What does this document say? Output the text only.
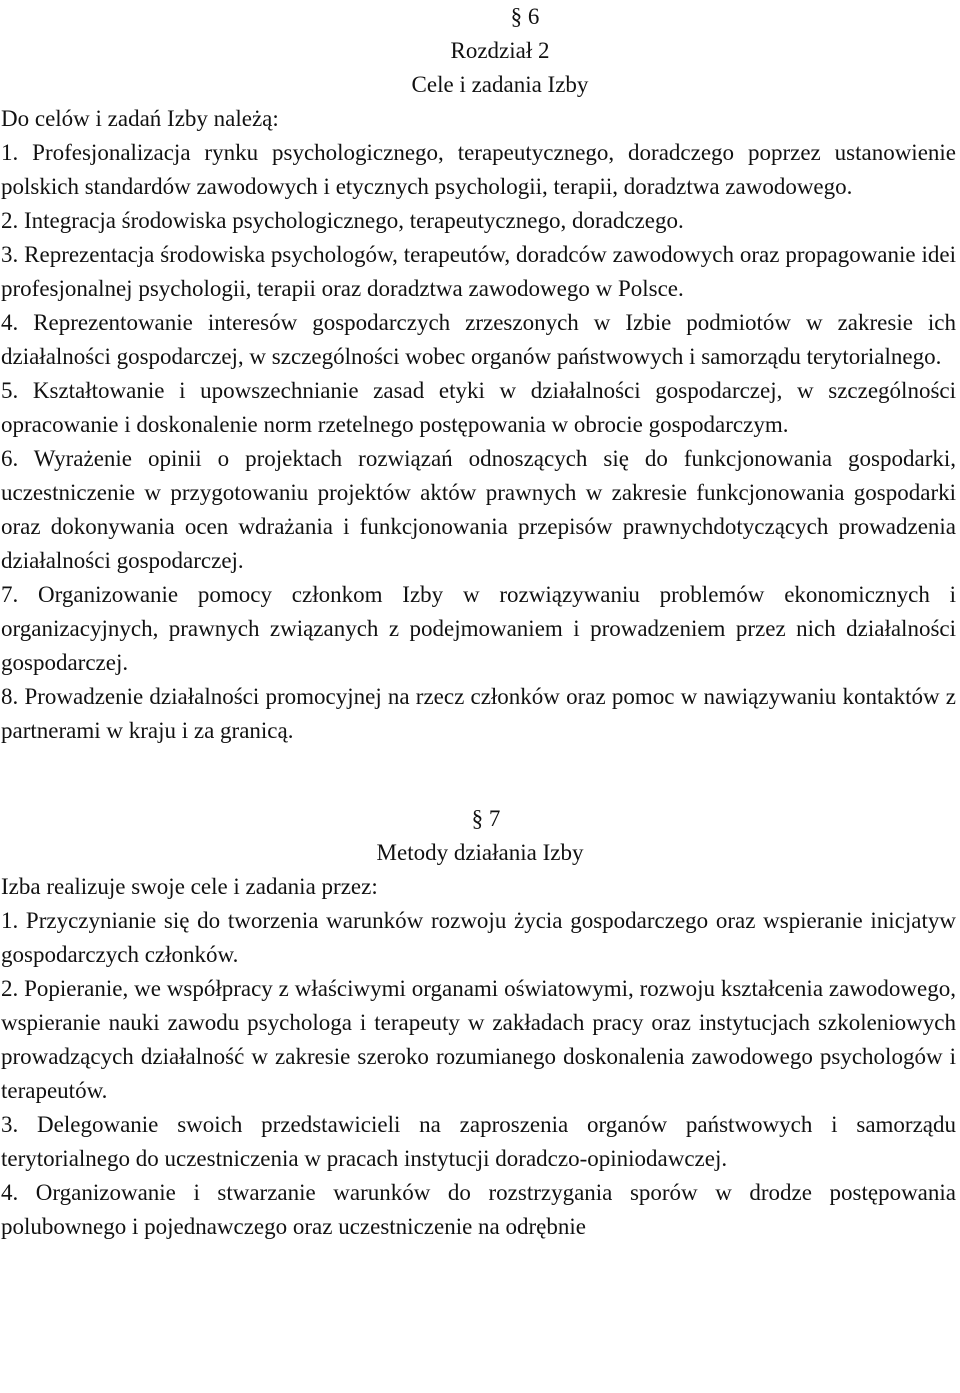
§ 6
Rozdział 2
Cele i zadania Izby
Do celów i zadań Izby należą:
1. Profesjonalizacja rynku psychologicznego, terapeutycznego, doradczego poprzez ustanowienie polskich standardów zawodowych i etycznych psychologii, terapii, doradztwa zawodowego.
2. Integracja środowiska psychologicznego, terapeutycznego, doradczego.
3. Reprezentacja środowiska psychologów, terapeutów, doradców zawodowych oraz propagowanie idei profesjonalnej psychologii, terapii oraz doradztwa zawodowego w Polsce.
4. Reprezentowanie interesów gospodarczych zrzeszonych w Izbie podmiotów w zakresie ich działalności gospodarczej, w szczególności wobec organów państwowych i samorządu terytorialnego.
5. Kształtowanie i upowszechnianie zasad etyki w działalności gospodarczej, w szczególności opracowanie i doskonalenie norm rzetelnego postępowania w obrocie gospodarczym.
6. Wyrażenie opinii o projektach rozwiązań odnoszących się do funkcjonowania gospodarki, uczestniczenie w przygotowaniu projektów aktów prawnych w zakresie funkcjonowania gospodarki oraz dokonywania ocen wdrażania i funkcjonowania przepisów prawnychdotyczących prowadzenia działalności gospodarczej.
7. Organizowanie pomocy członkom Izby w rozwiązywaniu problemów ekonomicznych i organizacyjnych, prawnych związanych z podejmowaniem i prowadzeniem przez nich działalności gospodarczej.
8. Prowadzenie działalności promocyjnej na rzecz członków oraz pomoc w nawiązywaniu kontaktów z partnerami w kraju i za granicą.
§ 7
Metody działania Izby
Izba realizuje swoje cele i zadania przez:
1. Przyczynianie się do tworzenia warunków rozwoju życia gospodarczego oraz wspieranie inicjatyw gospodarczych członków.
2. Popieranie, we współpracy z właściwymi organami oświatowymi, rozwoju kształcenia zawodowego, wspieranie nauki zawodu psychologa i terapeuty w zakładach pracy oraz instytucjach szkoleniowych prowadzących działalność w zakresie szeroko rozumianego doskonalenia zawodowego psychologów i terapeutów.
3. Delegowanie swoich przedstawicieli na zaproszenia organów państwowych i samorządu terytorialnego do uczestniczenia w pracach instytucji doradczo-opiniodawczej.
4. Organizowanie i stwarzanie warunków do rozstrzygania sporów w drodze postępowania polubownego i pojednawczego oraz uczestniczenie na odrębnie
